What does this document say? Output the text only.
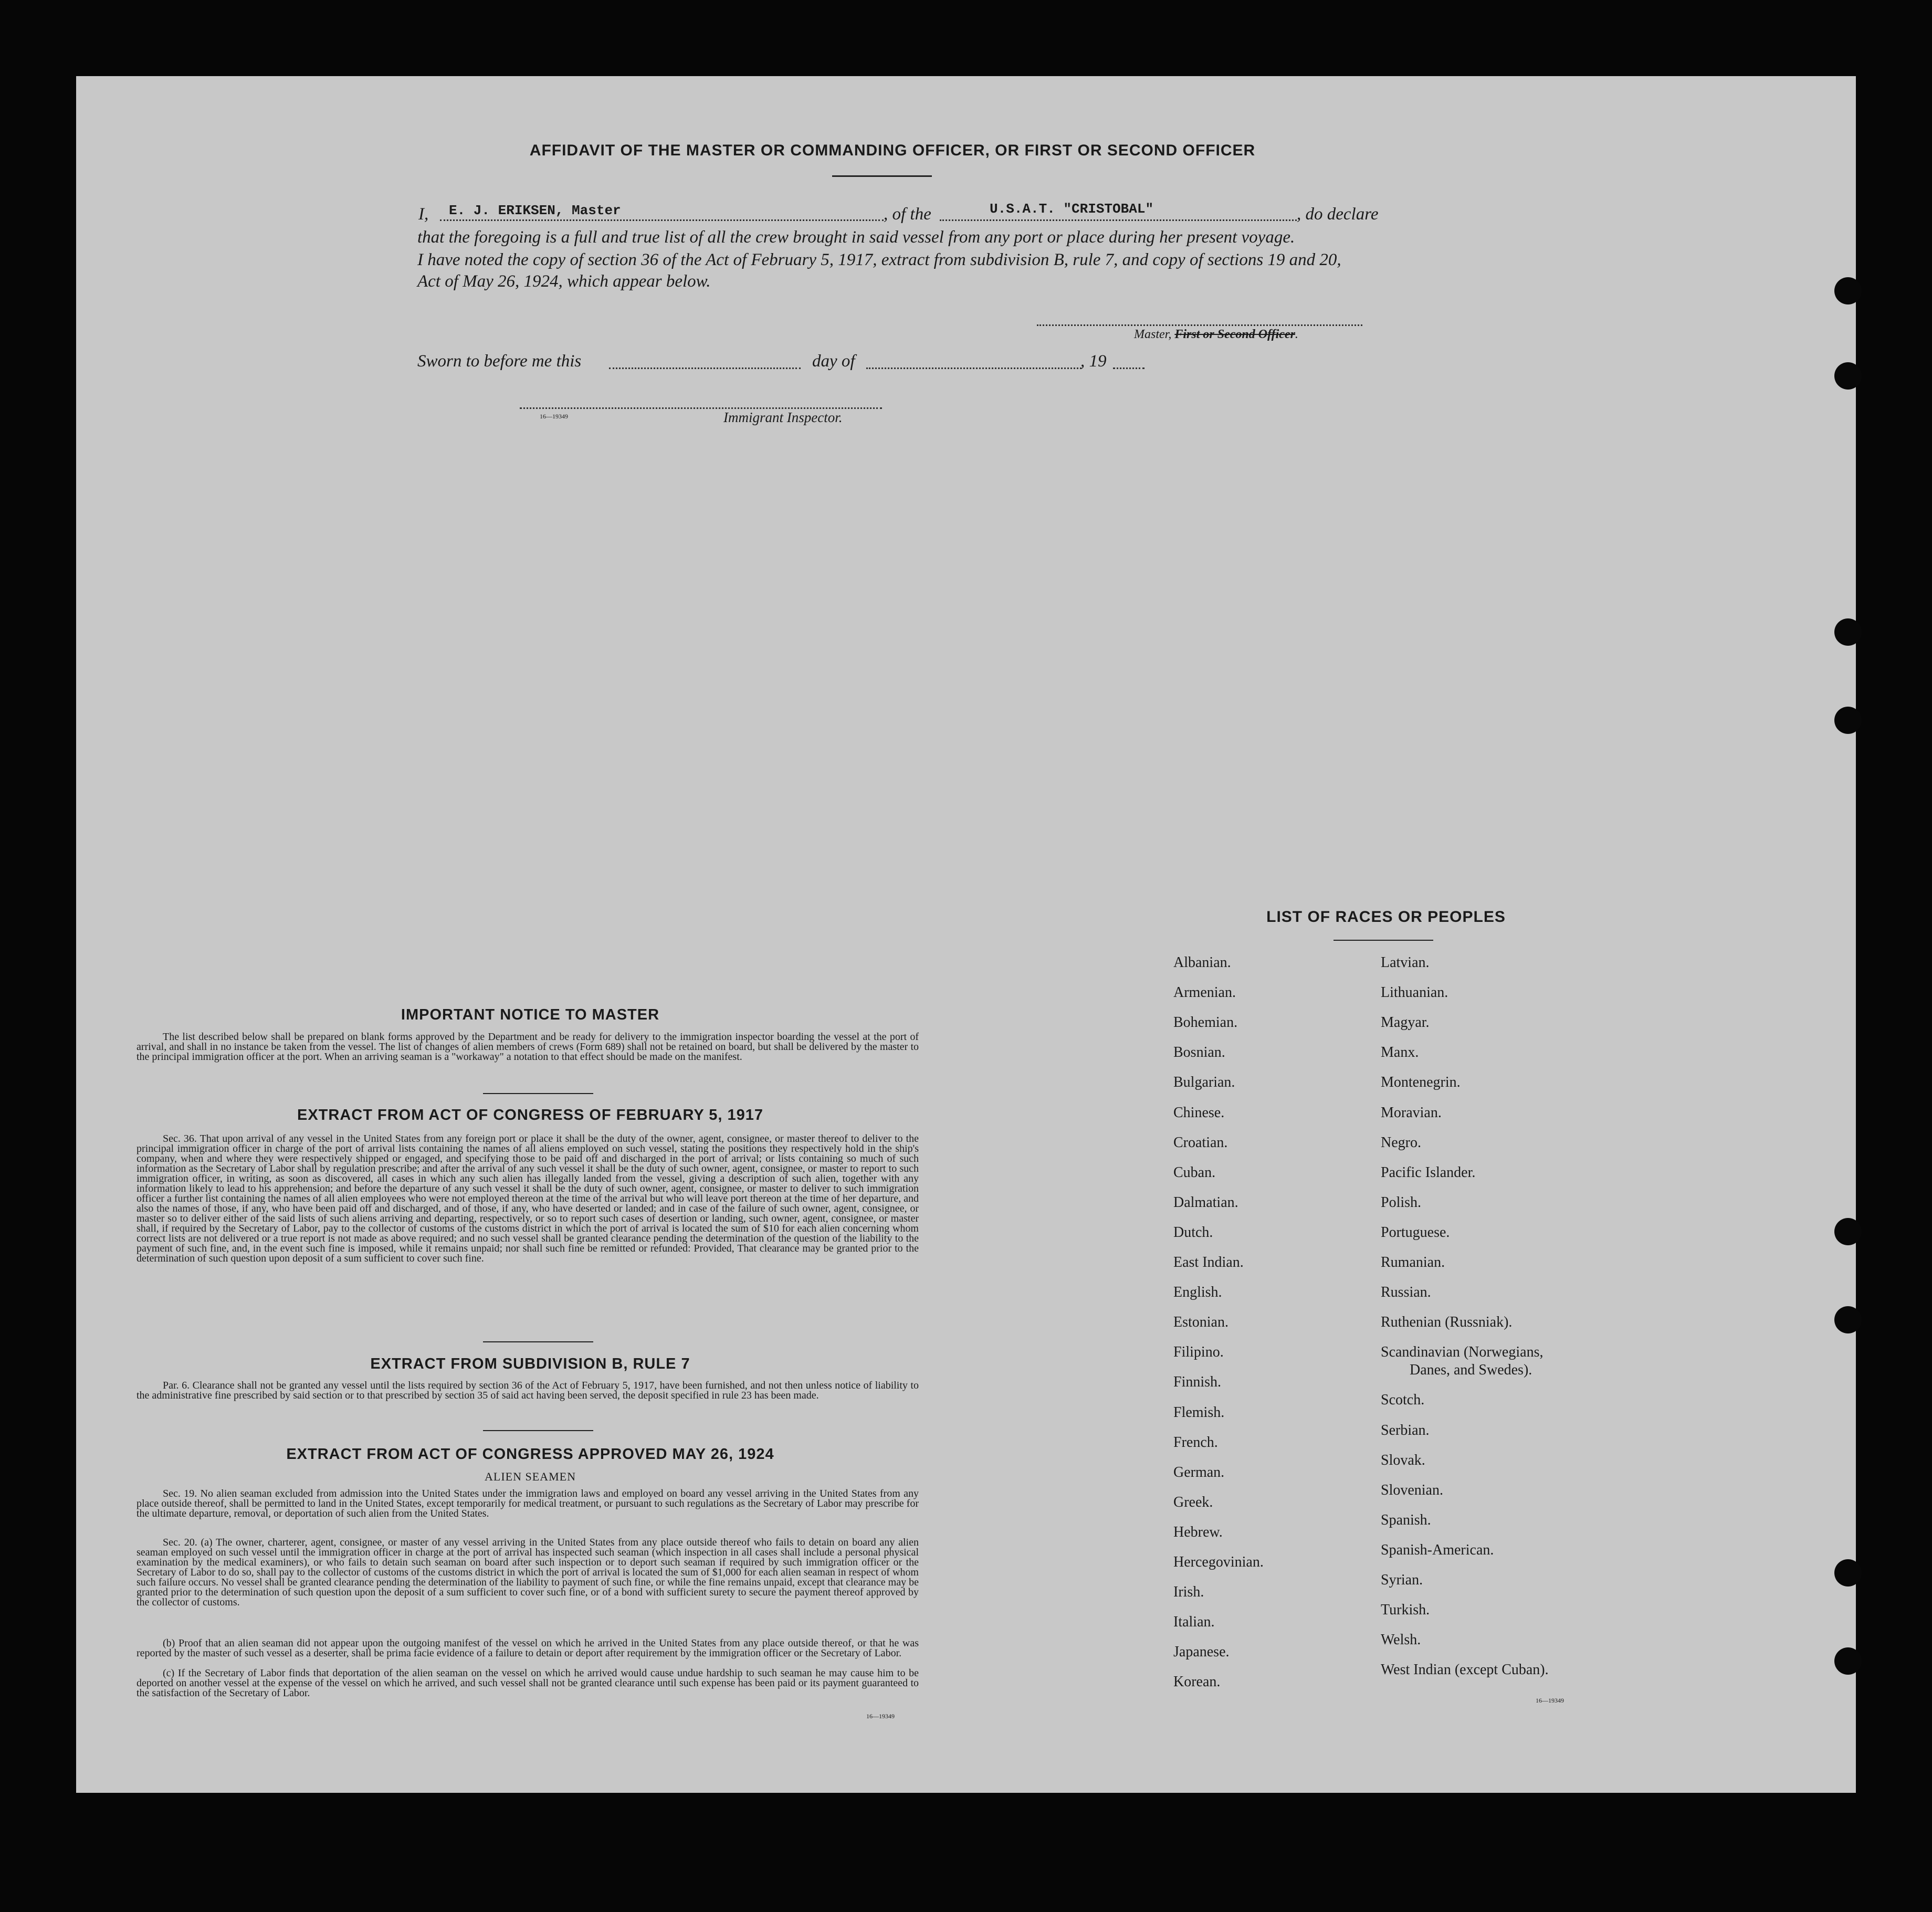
AFFIDAVIT OF THE MASTER OR COMMANDING OFFICER, OR FIRST OR SECOND OFFICER
I, E. J. ERIKSEN, Master	, of the	U.S.A.T. "CRISTOBAL"	, do declare
that the foregoing is a full and true list of all the crew brought in said vessel from any port or place during her present voyage.
I have noted the copy of section 36 of the Act of February 5, 1917, extract from subdivision B, rule 7, and copy of sections 19 and 20,
Act of May 26, 1924, which appear below.
Master, First or Second Officer.
Sworn to before me this	day of	, 19
16—19349	Immigrant Inspector.
IMPORTANT NOTICE TO MASTER
The list described below shall be prepared on blank forms approved by the Department and be ready for delivery to the immigration inspector boarding the vessel at the port of arrival, and shall in no instance be taken from the vessel. The list of changes of alien members of crews (Form 689) shall not be retained on board, but shall be delivered by the master to the principal immigration officer at the port. When an arriving seaman is a "workaway" a notation to that effect should be made on the manifest.
EXTRACT FROM ACT OF CONGRESS OF FEBRUARY 5, 1917
Sec. 36. That upon arrival of any vessel in the United States from any foreign port or place it shall be the duty of the owner, agent, consignee, or master thereof to deliver to the principal immigration officer in charge of the port of arrival lists containing the names of all aliens employed on such vessel, stating the positions they respectively hold in the ship's company, when and where they were respectively shipped or engaged, and specifying those to be paid off and discharged in the port of arrival; or lists containing so much of such information as the Secretary of Labor shall by regulation prescribe; and after the arrival of any such vessel it shall be the duty of such owner, agent, consignee, or master to report to such immigration officer, in writing, as soon as discovered, all cases in which any such alien has illegally landed from the vessel, giving a description of such alien, together with any information likely to lead to his apprehension; and before the departure of any such vessel it shall be the duty of such owner, agent, consignee, or master to deliver to such immigration officer a further list containing the names of all alien employees who were not employed thereon at the time of the arrival but who will leave port thereon at the time of her departure, and also the names of those, if any, who have been paid off and discharged, and of those, if any, who have deserted or landed; and in case of the failure of such owner, agent, consignee, or master so to deliver either of the said lists of such aliens arriving and departing, respectively, or so to report such cases of desertion or landing, such owner, agent, consignee, or master shall, if required by the Secretary of Labor, pay to the collector of customs of the customs district in which the port of arrival is located the sum of $10 for each alien concerning whom correct lists are not delivered or a true report is not made as above required; and no such vessel shall be granted clearance pending the determination of the question of the liability to the payment of such fine, and, in the event such fine is imposed, while it remains unpaid; nor shall such fine be remitted or refunded: Provided, That clearance may be granted prior to the determination of such question upon deposit of a sum sufficient to cover such fine.
EXTRACT FROM SUBDIVISION B, RULE 7
Par. 6. Clearance shall not be granted any vessel until the lists required by section 36 of the Act of February 5, 1917, have been furnished, and not then unless notice of liability to the administrative fine prescribed by said section or to that prescribed by section 35 of said act having been served, the deposit specified in rule 23 has been made.
EXTRACT FROM ACT OF CONGRESS APPROVED MAY 26, 1924
ALIEN SEAMEN
Sec. 19. No alien seaman excluded from admission into the United States under the immigration laws and employed on board any vessel arriving in the United States from any place outside thereof, shall be permitted to land in the United States, except temporarily for medical treatment, or pursuant to such regulations as the Secretary of Labor may prescribe for the ultimate departure, removal, or deportation of such alien from the United States.
Sec. 20. (a) The owner, charterer, agent, consignee, or master of any vessel arriving in the United States from any place outside thereof who fails to detain on board any alien seaman employed on such vessel until the immigration officer in charge at the port of arrival has inspected such seaman (which inspection in all cases shall include a personal physical examination by the medical examiners), or who fails to detain such seaman on board after such inspection or to deport such seaman if required by such immigration officer or the Secretary of Labor to do so, shall pay to the collector of customs of the customs district in which the port of arrival is located the sum of $1,000 for each alien seaman in respect of whom such failure occurs. No vessel shall be granted clearance pending the determination of the liability to payment of such fine, or while the fine remains unpaid, except that clearance may be granted prior to the determination of such question upon the deposit of a sum sufficient to cover such fine, or of a bond with sufficient surety to secure the payment thereof approved by the collector of customs.
(b) Proof that an alien seaman did not appear upon the outgoing manifest of the vessel on which he arrived in the United States from any place outside thereof, or that he was reported by the master of such vessel as a deserter, shall be prima facie evidence of a failure to detain or deport after requirement by the immigration officer or the Secretary of Labor.
(c) If the Secretary of Labor finds that deportation of the alien seaman on the vessel on which he arrived would cause undue hardship to such seaman he may cause him to be deported on another vessel at the expense of the vessel on which he arrived, and such vessel shall not be granted clearance until such expense has been paid or its payment guaranteed to the satisfaction of the Secretary of Labor.
16—19349
LIST OF RACES OR PEOPLES
Albanian.
Armenian.
Bohemian.
Bosnian.
Bulgarian.
Chinese.
Croatian.
Cuban.
Dalmatian.
Dutch.
East Indian.
English.
Estonian.
Filipino.
Finnish.
Flemish.
French.
German.
Greek.
Hebrew.
Hercegovinian.
Irish.
Italian.
Japanese.
Korean.
Latvian.
Lithuanian.
Magyar.
Manx.
Montenegrin.
Moravian.
Negro.
Pacific Islander.
Polish.
Portuguese.
Rumanian.
Russian.
Ruthenian (Russniak).
Scandinavian (Norwegians,
Danes, and Swedes).
Scotch.
Serbian.
Slovak.
Slovenian.
Spanish.
Spanish-American.
Syrian.
Turkish.
Welsh.
West Indian (except Cuban).
16—19349
